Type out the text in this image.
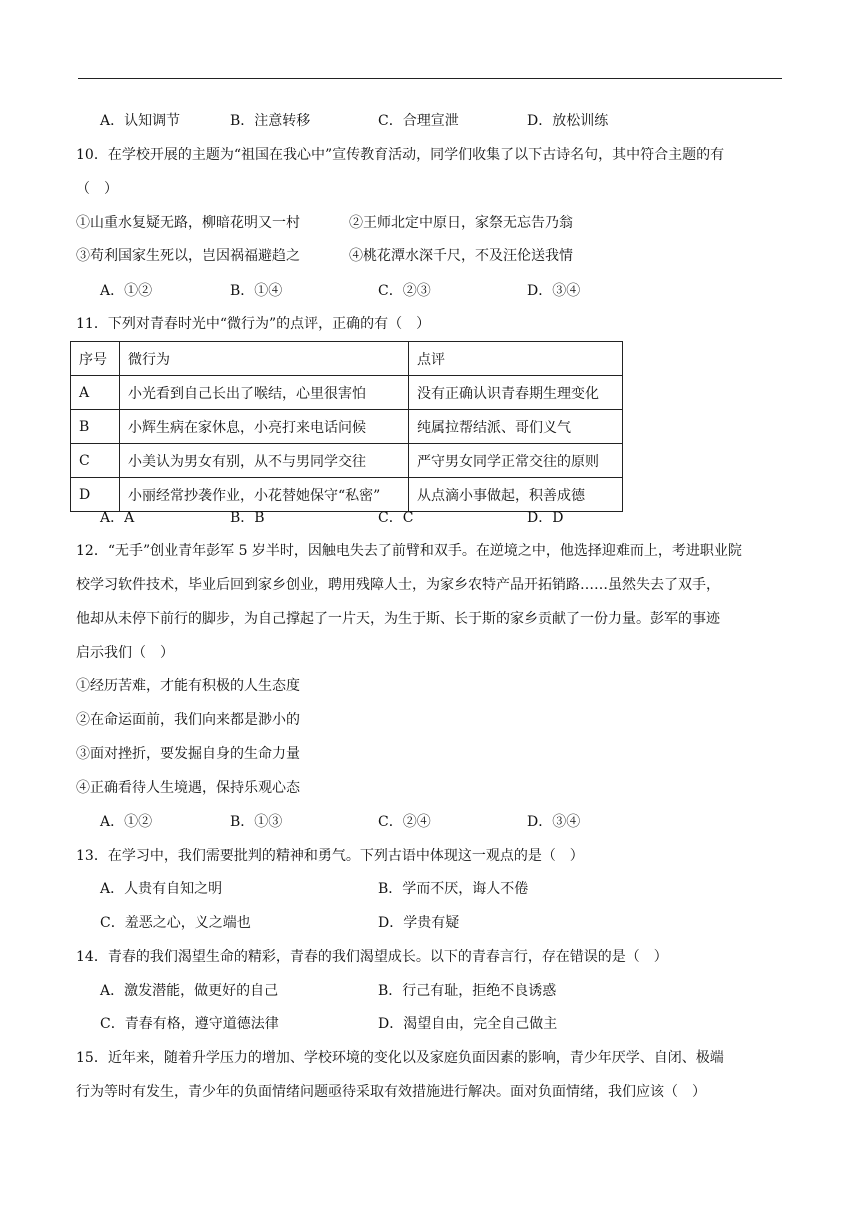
A．认知调节	B．注意转移	C．合理宣泄	D．放松训练
10．在学校开展的主题为“祖国在我心中”宣传教育活动，同学们收集了以下古诗名句，其中符合主题的有
（　）
①山重水复疑无路，柳暗花明又一村	②王师北定中原日，家祭无忘告乃翁
③苟利国家生死以，岂因祸福避趋之	④桃花潭水深千尺，不及汪伦送我情
A．①②	B．①④	C．②③	D．③④
11．下列对青春时光中“微行为”的点评，正确的有（　）
序号	微行为	点评
A	小光看到自己长出了喉结，心里很害怕	没有正确认识青春期生理变化
B	小辉生病在家休息，小亮打来电话问候	纯属拉帮结派、哥们义气
C	小美认为男女有别，从不与男同学交往	严守男女同学正常交往的原则
D	小丽经常抄袭作业，小花替她保守“私密”	从点滴小事做起，积善成德
A．A	B．B	C．C	D．D
12．“无手”创业青年彭军 5 岁半时，因触电失去了前臂和双手。在逆境之中，他选择迎难而上，考进职业院
校学习软件技术，毕业后回到家乡创业，聘用残障人士，为家乡农特产品开拓销路……虽然失去了双手，
他却从未停下前行的脚步，为自己撑起了一片天，为生于斯、长于斯的家乡贡献了一份力量。彭军的事迹
启示我们（　）
①经历苦难，才能有积极的人生态度
②在命运面前，我们向来都是渺小的
③面对挫折，要发掘自身的生命力量
④正确看待人生境遇，保持乐观心态
A．①②	B．①③	C．②④	D．③④
13．在学习中，我们需要批判的精神和勇气。下列古语中体现这一观点的是（　）
A．人贵有自知之明	B．学而不厌，诲人不倦
C．羞恶之心，义之端也	D．学贵有疑
14．青春的我们渴望生命的精彩，青春的我们渴望成长。以下的青春言行，存在错误的是（　）
A．激发潜能，做更好的自己	B．行己有耻，拒绝不良诱惑
C．青春有格，遵守道德法律	D．渴望自由，完全自己做主
15．近年来，随着升学压力的增加、学校环境的变化以及家庭负面因素的影响，青少年厌学、自闭、极端
行为等时有发生，青少年的负面情绪问题亟待采取有效措施进行解决。面对负面情绪，我们应该（　）
